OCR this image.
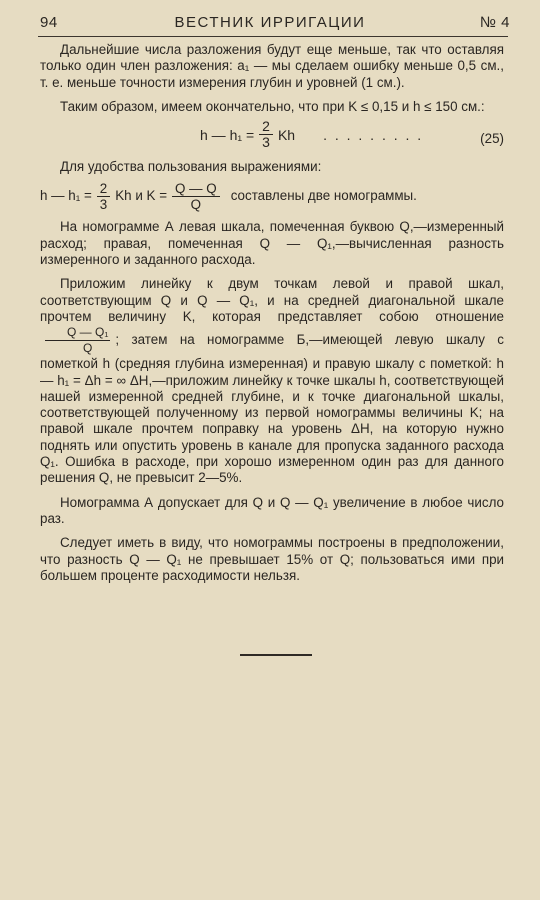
94	ВЕСТНИК ИРРИГАЦИИ	№ 4

Дальнейшие числа разложения будут еще меньше, так что оставляя только один член разложения: a₁ — мы сделаем ошибку меньше 0,5 см., т. е. меньше точности измерения глубин и уровней (1 см.).

Таким образом, имеем окончательно, что при K ≤ 0,15 и h ≤ 150 см.:

h — $h_1 = \frac{2}{3}$ Kh . . . . . . . . .	(25)

Для удобства пользования выражениями:

h — $h_1 = \frac{2}{3}$ Kh и $K = \frac{Q — Q}{Q}$ составлены две номограммы.

На номограмме А левая шкала, помеченная буквою Q,—измеренный расход; правая, помеченная Q — Q₁,—вычисленная разность измеренного и заданного расхода.

Приложим линейку к двум точкам левой и правой шкал, соответствующим Q и Q — Q₁, и на средней диагональной шкале прочтем величину K, которая представляет собою отношение
$\frac{\text{Q — Q₁}}{Q}$ ; затем на номограмме Б,—имеющей левую шкалу с пометкой h (средняя глубина измеренная) и правую шкалу с пометкой: h — h₁ = Δh = ∞ ΔH,—приложим линейку к точке шкалы h, соответствующей нашей измеренной средней глубине, и к точке диагональной шкалы, соответствующей полученному из первой номограммы величины K; на правой шкале прочтем поправку на уровень ΔH, на которую нужно поднять или опустить уровень в канале для пропуска заданного расхода Q₁. Ошибка в расходе, при хорошо измеренном один раз для данного решения Q, не превысит 2—5%.

Номограмма А допускает для Q и Q — Q₁ увеличение в любое число раз.

Следует иметь в виду, что номограммы построены в предположении, что разность Q — Q₁ не превышает 15% от Q; пользоваться ими при большем проценте расходимости нельзя.
